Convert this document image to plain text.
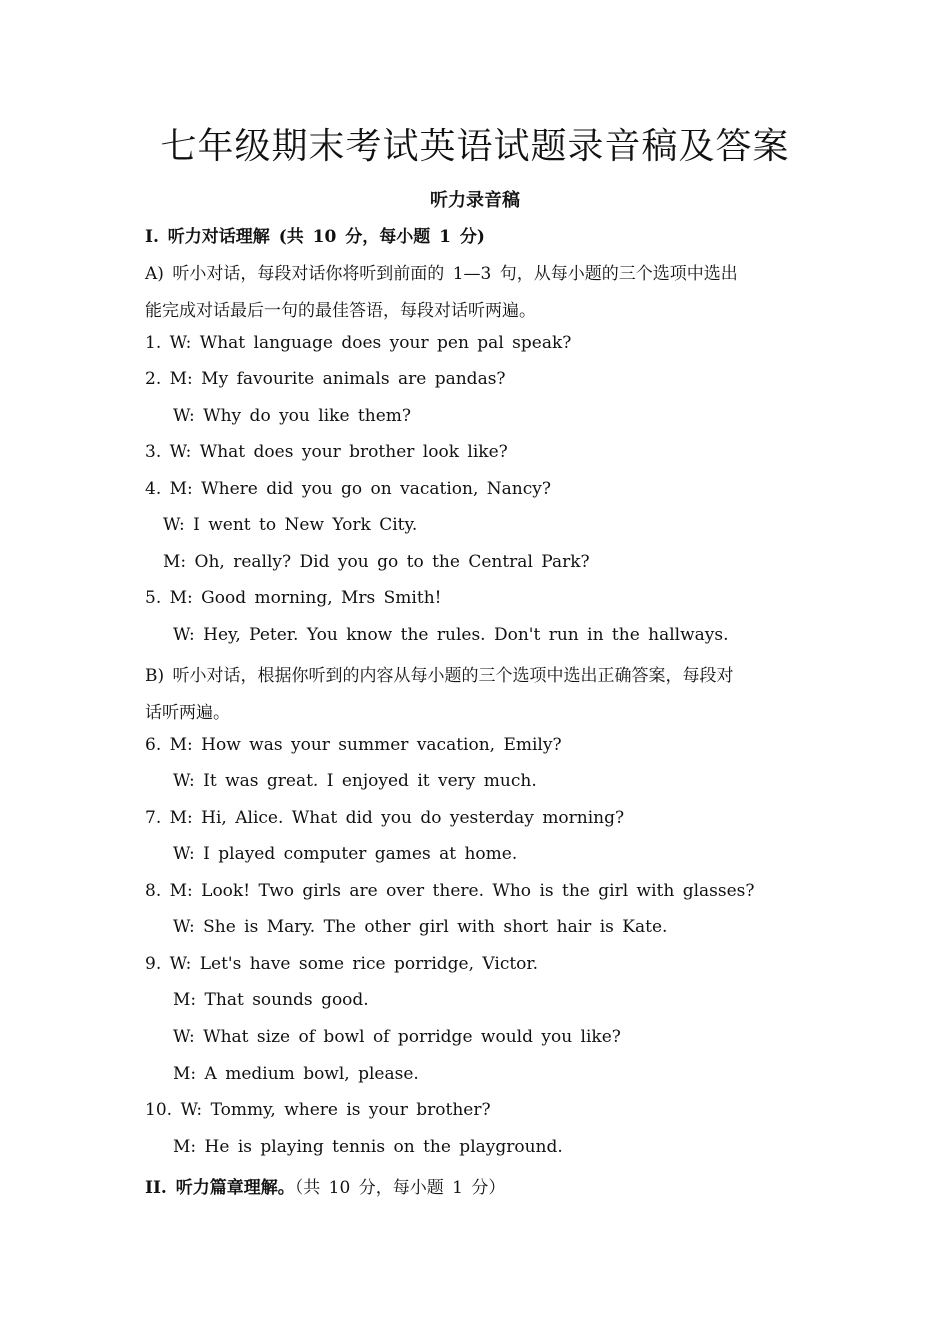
七年级期末考试英语试题录音稿及答案
听力录音稿
I. 听力对话理解 (共 10 分，每小题 1 分)
A) 听小对话，每段对话你将听到前面的 1—3 句，从每小题的三个选项中选出
能完成对话最后一句的最佳答语，每段对话听两遍。
1. W: What language does your pen pal speak?
2. M: My favourite animals are pandas?
W: Why do you like them?
3. W: What does your brother look like?
4. M: Where did you go on vacation, Nancy?
W: I went to New York City.
M: Oh, really? Did you go to the Central Park?
5. M: Good morning, Mrs Smith!
W: Hey, Peter. You know the rules. Don't run in the hallways.
B) 听小对话，根据你听到的内容从每小题的三个选项中选出正确答案，每段对
话听两遍。
6. M: How was your summer vacation, Emily?
W: It was great. I enjoyed it very much.
7. M: Hi, Alice. What did you do yesterday morning?
W: I played computer games at home.
8. M: Look! Two girls are over there. Who is the girl with glasses?
W: She is Mary. The other girl with short hair is Kate.
9. W: Let's have some rice porridge, Victor.
M: That sounds good.
W: What size of bowl of porridge would you like?
M: A medium bowl, please.
10. W: Tommy, where is your brother?
M: He is playing tennis on the playground.
II. 听力篇章理解。（共 10 分，每小题 1 分）
